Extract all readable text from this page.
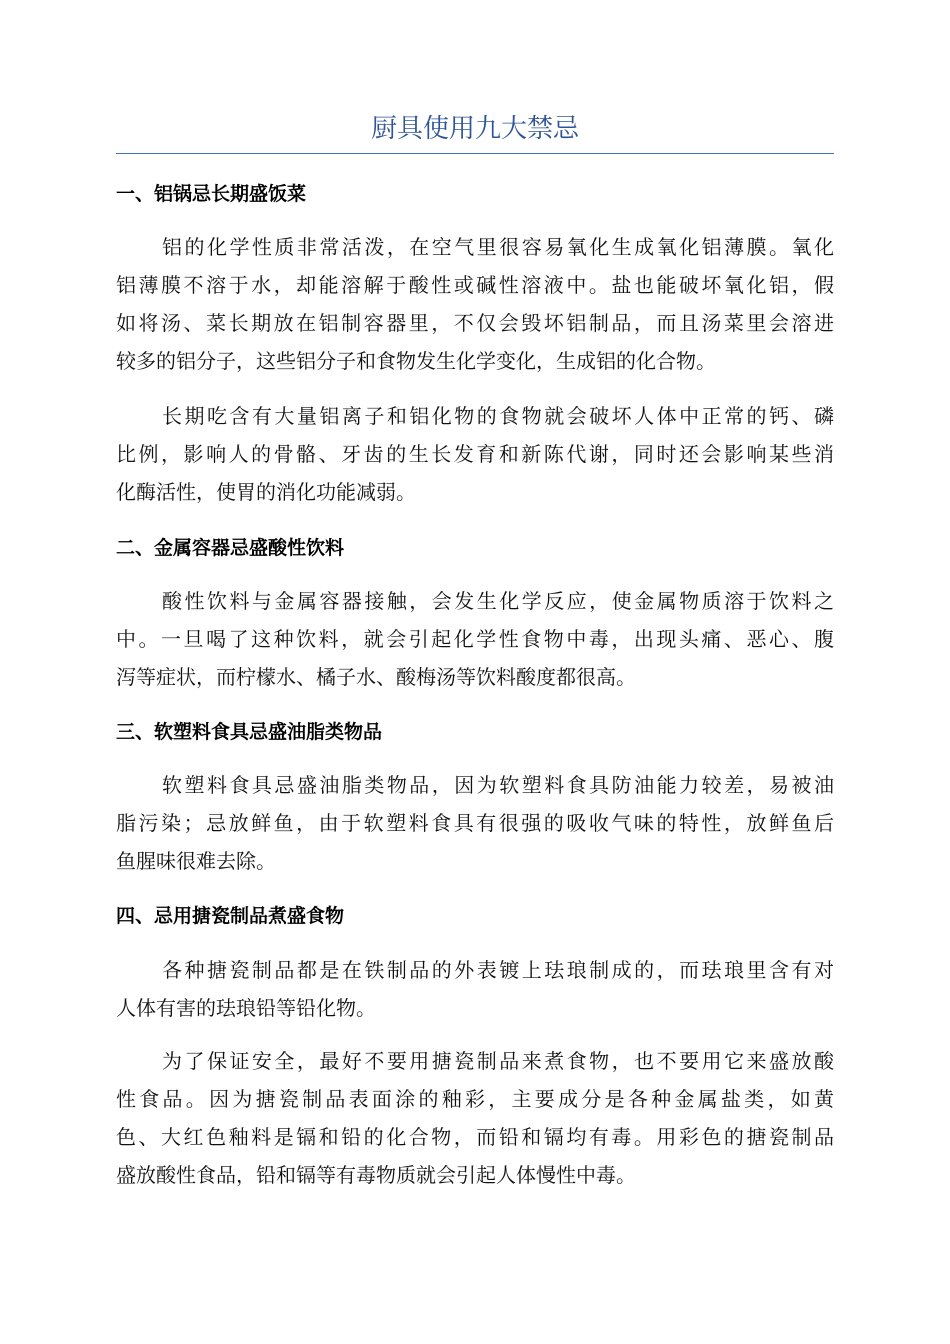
厨具使用九大禁忌
一、铝锅忌长期盛饭菜
铝的化学性质非常活泼，在空气里很容易氧化生成氧化铝薄膜。氧化
铝薄膜不溶于水，却能溶解于酸性或碱性溶液中。盐也能破坏氧化铝，假
如将汤、菜长期放在铝制容器里，不仅会毁坏铝制品，而且汤菜里会溶进
较多的铝分子，这些铝分子和食物发生化学变化，生成铝的化合物。
长期吃含有大量铝离子和铝化物的食物就会破坏人体中正常的钙、磷
比例，影响人的骨骼、牙齿的生长发育和新陈代谢，同时还会影响某些消
化酶活性，使胃的消化功能减弱。
二、金属容器忌盛酸性饮料
酸性饮料与金属容器接触，会发生化学反应，使金属物质溶于饮料之
中。一旦喝了这种饮料，就会引起化学性食物中毒，出现头痛、恶心、腹
泻等症状，而柠檬水、橘子水、酸梅汤等饮料酸度都很高。
三、软塑料食具忌盛油脂类物品
软塑料食具忌盛油脂类物品，因为软塑料食具防油能力较差，易被油
脂污染；忌放鲜鱼，由于软塑料食具有很强的吸收气味的特性，放鲜鱼后
鱼腥味很难去除。
四、忌用搪瓷制品煮盛食物
各种搪瓷制品都是在铁制品的外表镀上珐琅制成的，而珐琅里含有对
人体有害的珐琅铅等铅化物。
为了保证安全，最好不要用搪瓷制品来煮食物，也不要用它来盛放酸
性食品。因为搪瓷制品表面涂的釉彩，主要成分是各种金属盐类，如黄
色、大红色釉料是镉和铅的化合物，而铅和镉均有毒。用彩色的搪瓷制品
盛放酸性食品，铅和镉等有毒物质就会引起人体慢性中毒。
